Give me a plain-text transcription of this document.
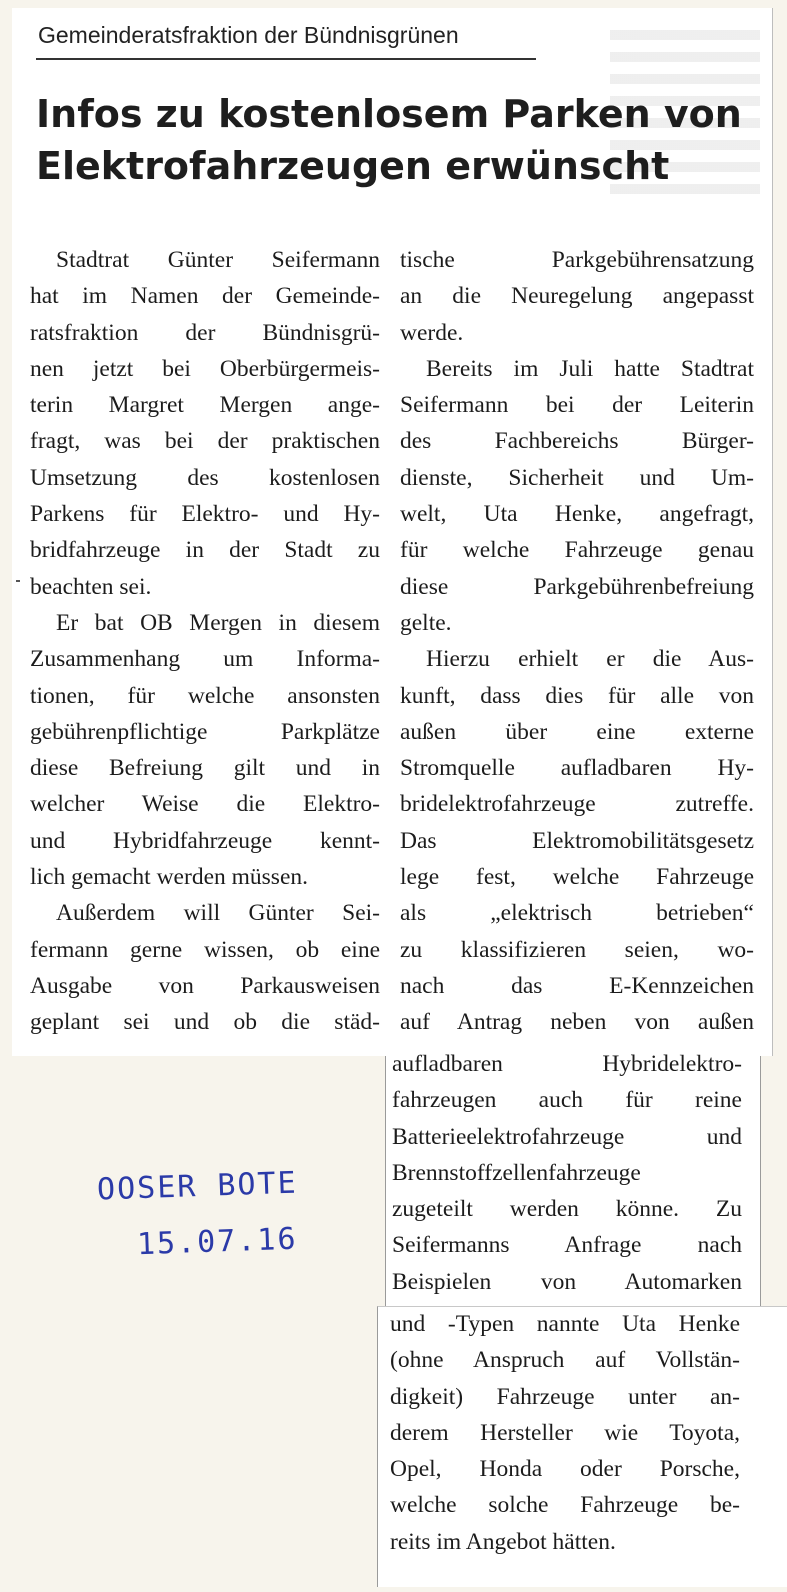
Gemeinderatsfraktion der Bündnisgrünen
Infos zu kostenlosem Parken von
Elektrofahrzeugen erwünscht

Stadtrat Günter Seifermann
hat im Namen der Gemeinde-
ratsfraktion der Bündnisgrü-
nen jetzt bei Oberbürgermeis-
terin Margret Mergen ange-
fragt, was bei der praktischen
Umsetzung des kostenlosen
Parkens für Elektro- und Hy-
bridfahrzeuge in der Stadt zu
beachten sei.

Er bat OB Mergen in diesem
Zusammenhang um Informa-
tionen, für welche ansonsten
gebührenpflichtige Parkplätze
diese Befreiung gilt und in
welcher Weise die Elektro-
und Hybridfahrzeuge kennt-
lich gemacht werden müssen.

Außerdem will Günter Sei-
fermann gerne wissen, ob eine
Ausgabe von Parkausweisen
geplant sei und ob die städ-

tische Parkgebührensatzung
an die Neuregelung angepasst
werde.

Bereits im Juli hatte Stadtrat
Seifermann bei der Leiterin
des Fachbereichs Bürger-
dienste, Sicherheit und Um-
welt, Uta Henke, angefragt,
für welche Fahrzeuge genau
diese Parkgebührenbefreiung
gelte.

Hierzu erhielt er die Aus-
kunft, dass dies für alle von
außen über eine externe
Stromquelle aufladbaren Hy-
bridelektrofahrzeuge zutreffe.
Das Elektromobilitätsgesetz
lege fest, welche Fahrzeuge
als „elektrisch betrieben“
zu klassifizieren seien, wo-
nach das E-Kennzeichen
auf Antrag neben von außen

aufladbaren Hybridelektro-
fahrzeugen auch für reine
Batterieelektrofahrzeuge und
Brennstoffzellenfahrzeuge
zugeteilt werden könne. Zu
Seifermanns Anfrage nach
Beispielen von Automarken

und -Typen nannte Uta Henke
(ohne Anspruch auf Vollstän-
digkeit) Fahrzeuge unter an-
derem Hersteller wie Toyota,
Opel, Honda oder Porsche,
welche solche Fahrzeuge be-
reits im Angebot hätten.

OOSER BOTE
15.07.16
